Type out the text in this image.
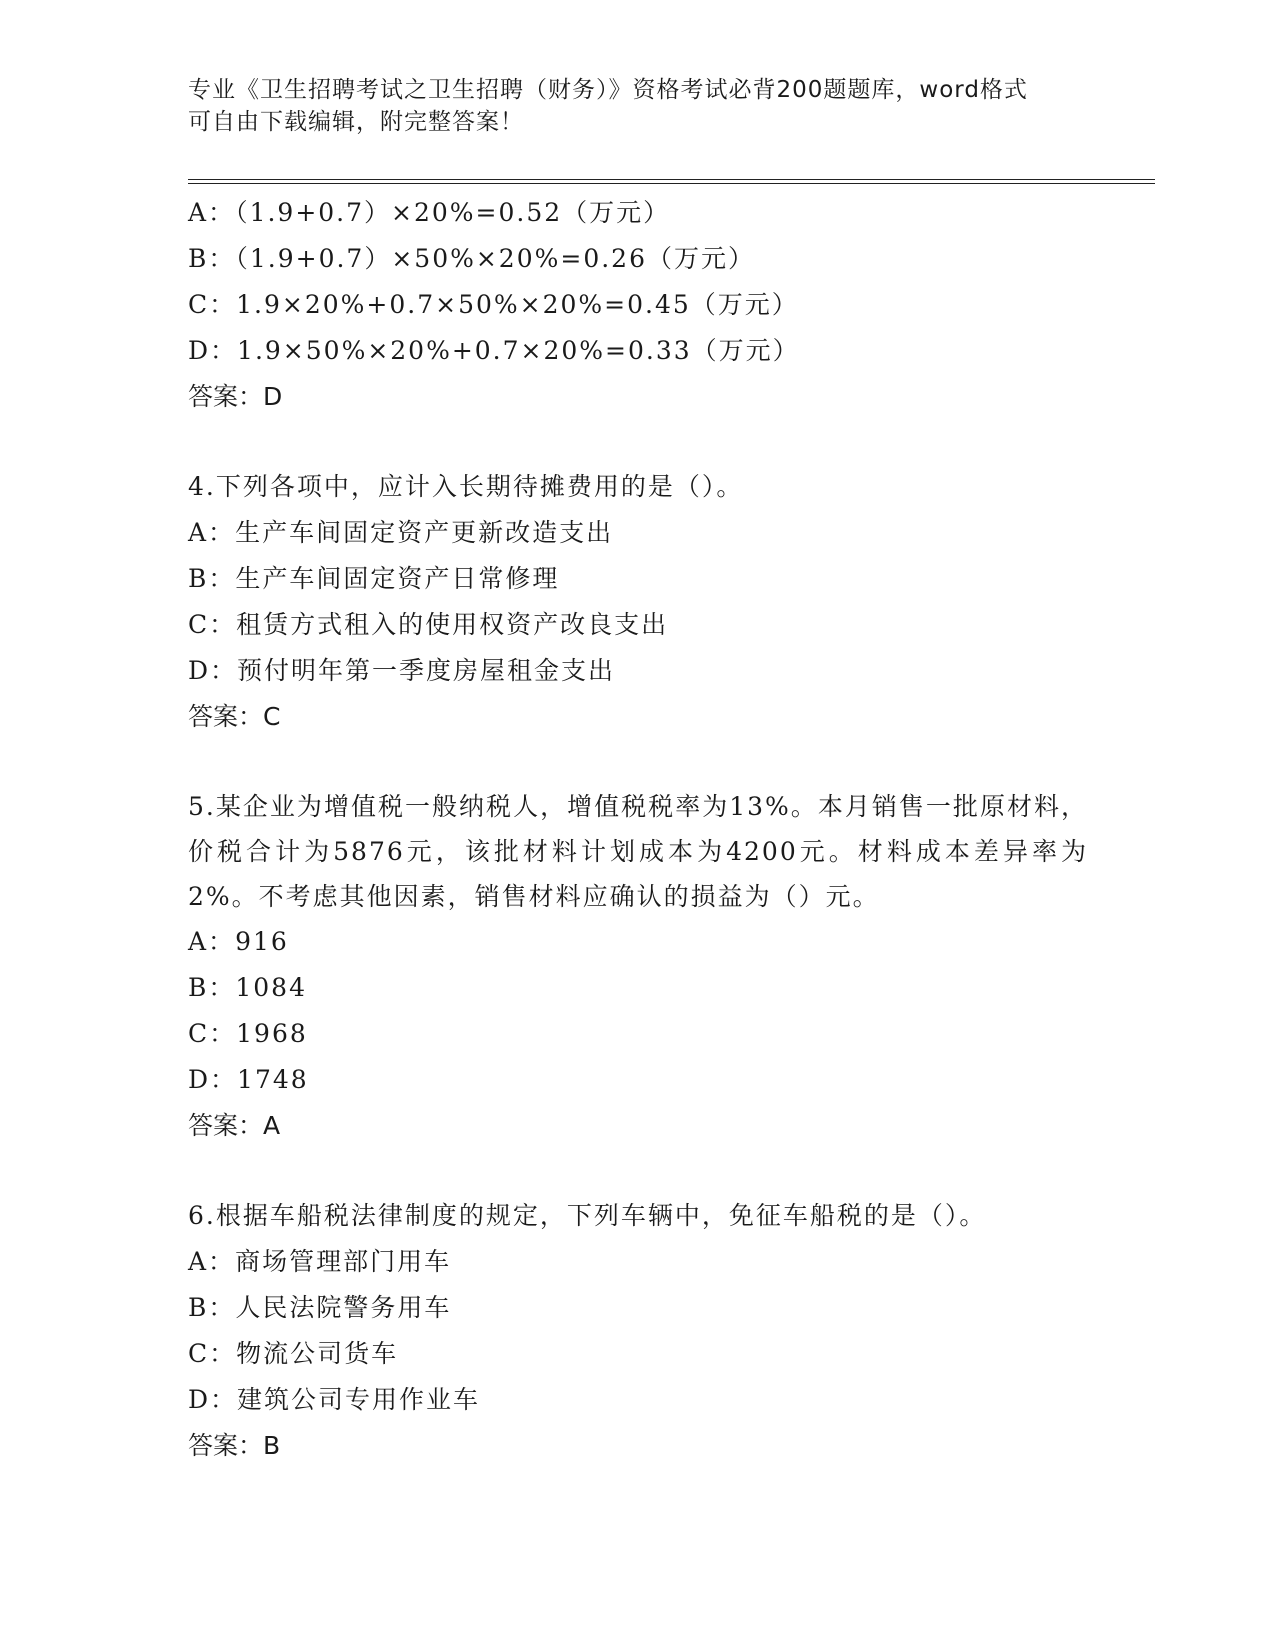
专业《卫生招聘考试之卫生招聘（财务）》资格考试必背200题题库，word格式
可自由下载编辑，附完整答案！
A：（1.9+0.7）×20%=0.52（万元）
B：（1.9+0.7）×50%×20%=0.26（万元）
C：1.9×20%+0.7×50%×20%=0.45（万元）
D：1.9×50%×20%+0.7×20%=0.33（万元）
答案：D
4.下列各项中，应计入长期待摊费用的是（）。
A：生产车间固定资产更新改造支出
B：生产车间固定资产日常修理
C：租赁方式租入的使用权资产改良支出
D：预付明年第一季度房屋租金支出
答案：C
5.某企业为增值税一般纳税人，增值税税率为13%。本月销售一批原材料，价税合计为5876元，该批材料计划成本为4200元。材料成本差异率为2%。不考虑其他因素，销售材料应确认的损益为（）元。
A：916
B：1084
C：1968
D：1748
答案：A
6.根据车船税法律制度的规定，下列车辆中，免征车船税的是（）。
A：商场管理部门用车
B：人民法院警务用车
C：物流公司货车
D：建筑公司专用作业车
答案：B
